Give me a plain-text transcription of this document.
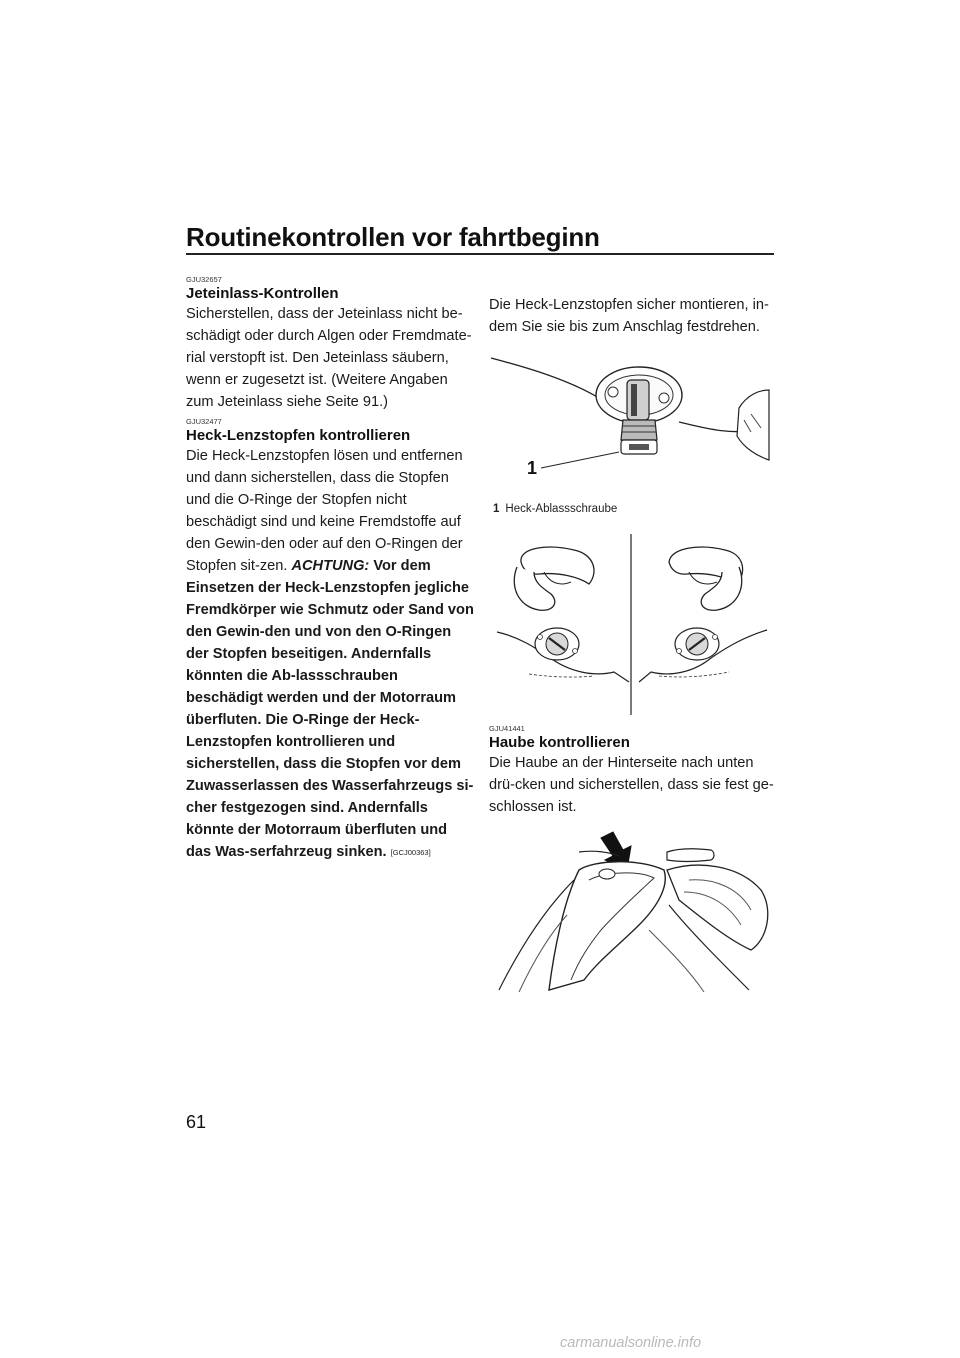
Routinekontrollen vor fahrtbeginn
GJU32657
Jeteinlass-Kontrollen

Sicherstellen, dass der Jeteinlass nicht be-schädigt oder durch Algen oder Fremdmate-rial verstopft ist. Den Jeteinlass säubern, wenn er zugesetzt ist. (Weitere Angaben zum Jeteinlass siehe Seite 91.)

GJU32477
Heck-Lenzstopfen kontrollieren

Die Heck-Lenzstopfen lösen und entfernen und dann sicherstellen, dass die Stopfen und die O-Ringe der Stopfen nicht beschädigt sind und keine Fremdstoffe auf den Gewin-den oder auf den O-Ringen der Stopfen sit-zen. ACHTUNG: Vor dem Einsetzen der Heck-Lenzstopfen jegliche Fremdkörper wie Schmutz oder Sand von den Gewin-den und von den O-Ringen der Stopfen beseitigen. Andernfalls könnten die Ab-lassschrauben beschädigt werden und der Motorraum überfluten. Die O-Ringe der Heck-Lenzstopfen kontrollieren und sicherstellen, dass die Stopfen vor dem Zuwasserlassen des Wasserfahrzeugs si-cher festgezogen sind. Andernfalls könnte der Motorraum überfluten und das Was-serfahrzeug sinken. [GCJ00363]

Die Heck-Lenzstopfen sicher montieren, in-dem Sie sie bis zum Anschlag festdrehen.

1
1 Heck-Ablassschraube
GJU41441
Haube kontrollieren

Die Haube an der Hinterseite nach unten drü-cken und sicherstellen, dass sie fest ge-schlossen ist.

61
carmanualsonline.info
